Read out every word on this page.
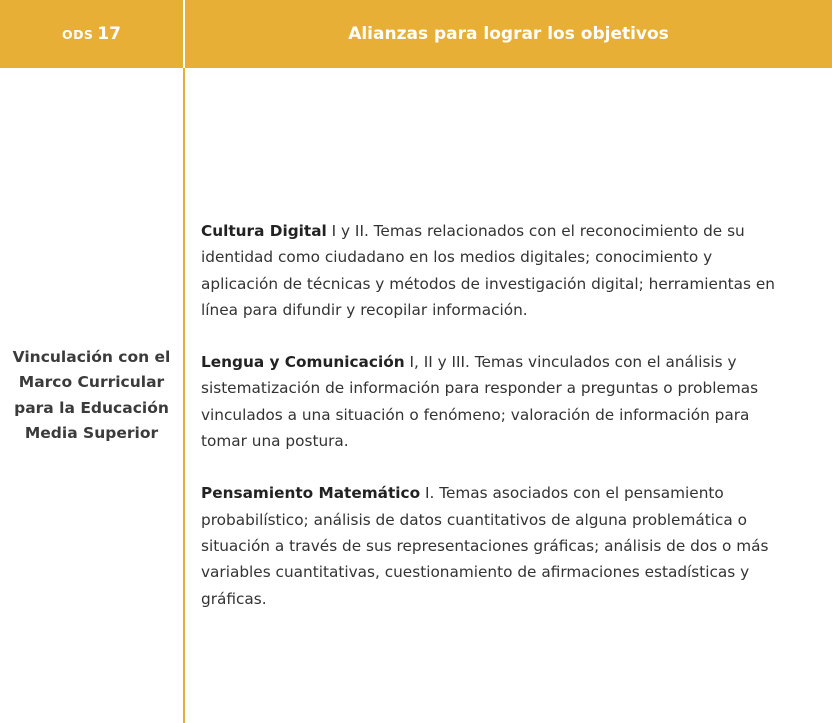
ODS 17	Alianzas para lograr los objetivos
Vinculación con el Marco Curricular para la Educación Media Superior

Cultura Digital I y II. Temas relacionados con el reconocimiento de su identidad como ciudadano en los medios digitales; conocimiento y aplicación de técnicas y métodos de investigación digital; herramientas en línea para difundir y recopilar información.

Lengua y Comunicación I, II y III. Temas vinculados con el análisis y sistematización de información para responder a preguntas o problemas vinculados a una situación o fenómeno; valoración de información para tomar una postura.

Pensamiento Matemático I. Temas asociados con el pensamiento probabilístico; análisis de datos cuantitativos de alguna problemática o situación a través de sus representaciones gráficas; análisis de dos o más variables cuantitativas, cuestionamiento de afirmaciones estadísticas y gráficas.
